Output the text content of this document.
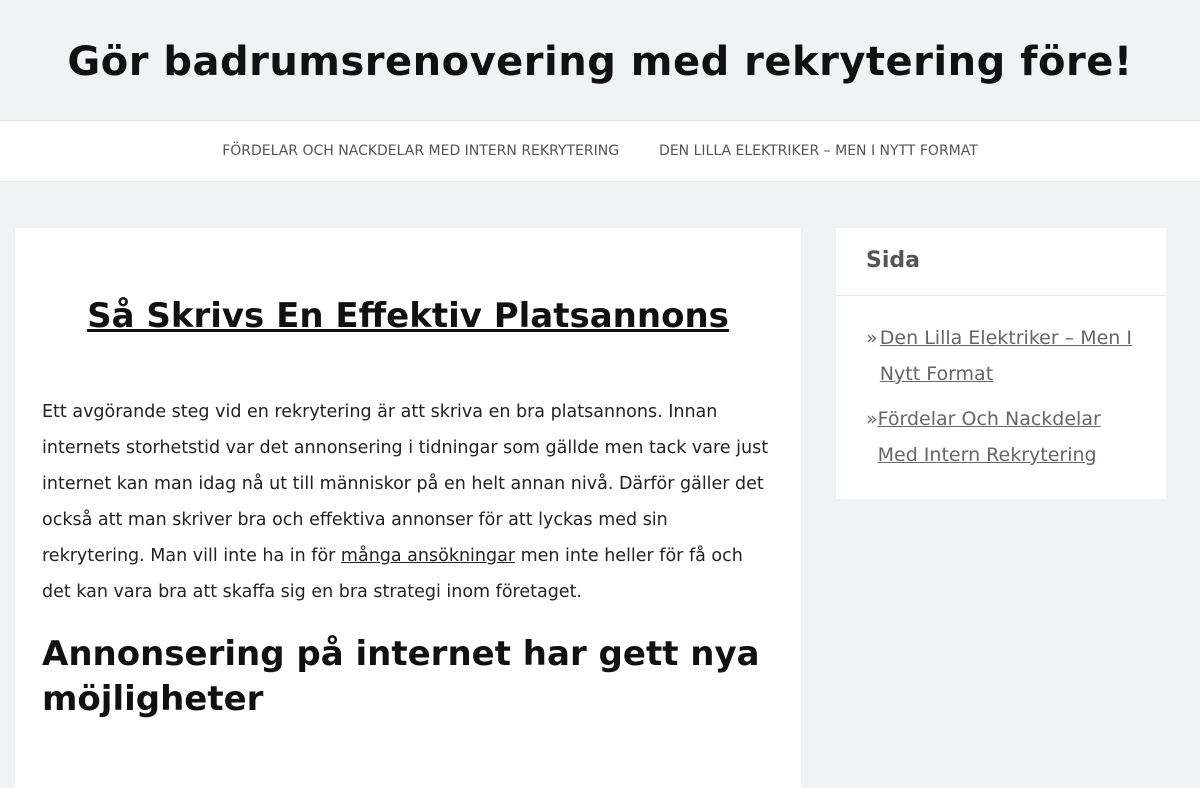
Gör badrumsrenovering med rekrytering före!
FÖRDELAR OCH NACKDELAR MED INTERN REKRYTERING	DEN LILLA ELEKTRIKER – MEN I NYTT FORMAT
Så Skrivs En Effektiv Platsannons

Ett avgörande steg vid en rekrytering är att skriva en bra platsannons. Innan internets storhetstid var det annonsering i tidningar som gällde men tack vare just internet kan man idag nå ut till människor på en helt annan nivå. Därför gäller det också att man skriver bra och effektiva annonser för att lyckas med sin rekrytering. Man vill inte ha in för många ansökningar men inte heller för få och det kan vara bra att skaffa sig en bra strategi inom företaget.

Annonsering på internet har gett nya möjligheter
Sida
» Den Lilla Elektriker – Men I Nytt Format
» Fördelar Och Nackdelar Med Intern Rekrytering
